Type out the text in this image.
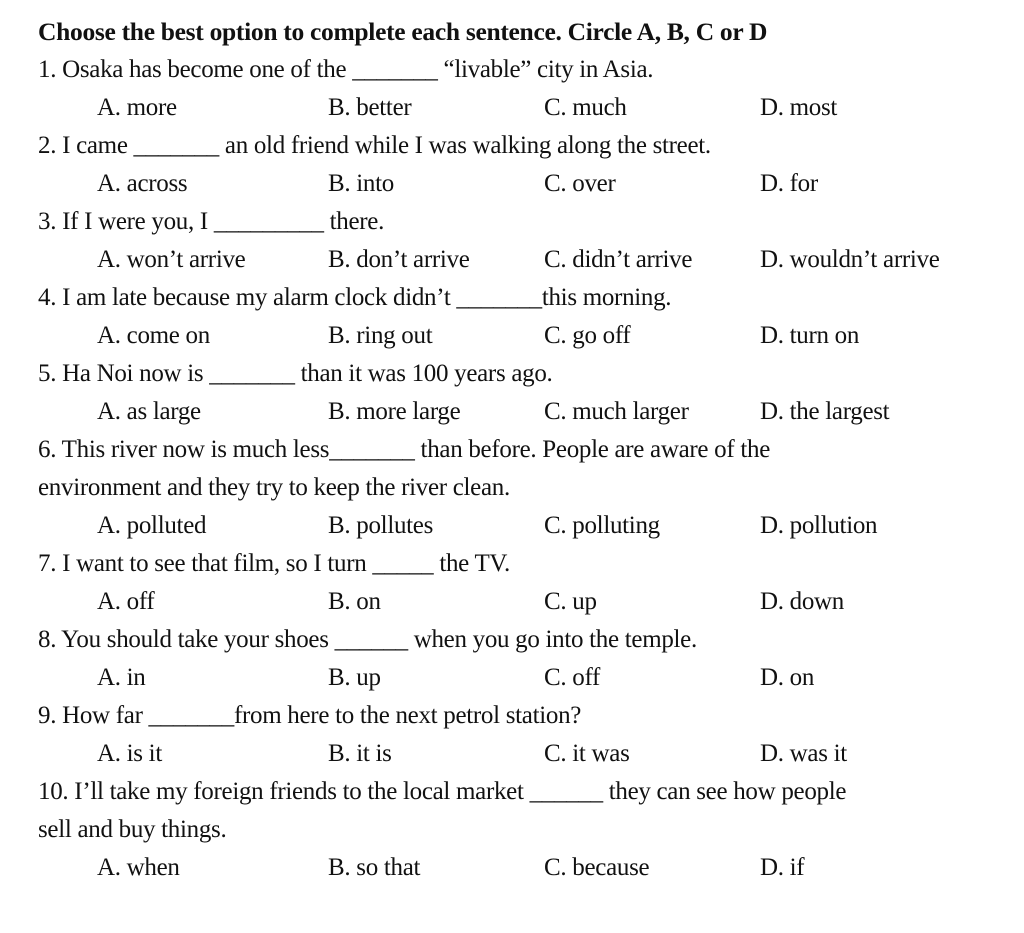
Choose the best option to complete each sentence. Circle A, B, C or D
1. Osaka has become one of the _______ “livable” city in Asia.
A. more	B. better	C. much	D. most
2. I came _______ an old friend while I was walking along the street.
A. across	B. into	C. over	D. for
3. If I were you, I _________ there.
A. won’t arrive	B. don’t arrive	C. didn’t arrive	D. wouldn’t arrive
4. I am late because my alarm clock didn’t _______this morning.
A. come on	B. ring out	C. go off	D. turn on
5. Ha Noi now is _______ than it was 100 years ago.
A. as large	B. more large	C. much larger	D. the largest
6. This river now is much less_______ than before. People are aware of the
environment and they try to keep the river clean.
A. polluted	B. pollutes	C. polluting	D. pollution
7. I want to see that film, so I turn _____ the TV.
A. off	B. on	C. up	D. down
8. You should take your shoes ______ when you go into the temple.
A. in	B. up	C. off	D. on
9. How far _______from here to the next petrol station?
A. is it	B. it is	C. it was	D. was it
10. I’ll take my foreign friends to the local market ______ they can see how people
sell and buy things.
A. when	B. so that	C. because	D. if
